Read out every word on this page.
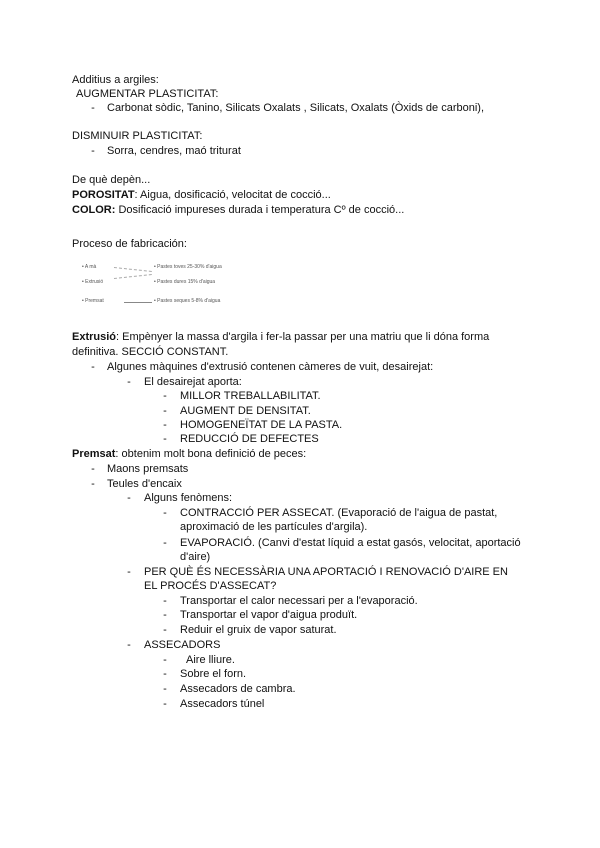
Additius a argiles:
AUGMENTAR PLASTICITAT:
- Carbonat sòdic, Tanino, Silicats Oxalats , Silicats, Oxalats (Òxids de carboni),
DISMINUIR PLASTICITAT:
- Sorra, cendres, maó triturat
De què depèn...
POROSITAT: Aigua, dosificació, velocitat de cocció...
COLOR: Dosificació impureses durada i temperatura Cº de cocció...
Proceso de fabricación:
• A mà	• Pastes toves 25-30% d'aigua
• Extrusió	• Pastes dures 15% d'aigua
• Premsat	• Pastes seques 5-8% d'aigua
Extrusió: Empènyer la massa d'argila i fer-la passar per una matriu que li dóna forma
definitiva. SECCIÓ CONSTANT.
- Algunes màquines d'extrusió contenen càmeres de vuit, desairejat:
- El desairejat aporta:
- MILLOR TREBALLABILITAT.
- AUGMENT DE DENSITAT.
- HOMOGENEÏTAT DE LA PASTA.
- REDUCCIÓ DE DEFECTES
Premsat: obtenim molt bona definició de peces:
- Maons premsats
- Teules d'encaix
- Alguns fenòmens:
- CONTRACCIÓ PER ASSECAT. (Evaporació de l'aigua de pastat,
aproximació de les partícules d'argila).
- EVAPORACIÓ. (Canvi d'estat líquid a estat gasós, velocitat, aportació
d'aire)
- PER QUÈ ÉS NECESSÀRIA UNA APORTACIÓ I RENOVACIÓ D'AIRE EN
EL PROCÉS D'ASSECAT?
- Transportar el calor necessari per a l'evaporació.
- Transportar el vapor d'aigua produït.
- Reduir el gruix de vapor saturat.
- ASSECADORS
- Aire lliure.
- Sobre el forn.
- Assecadors de cambra.
- Assecadors túnel
